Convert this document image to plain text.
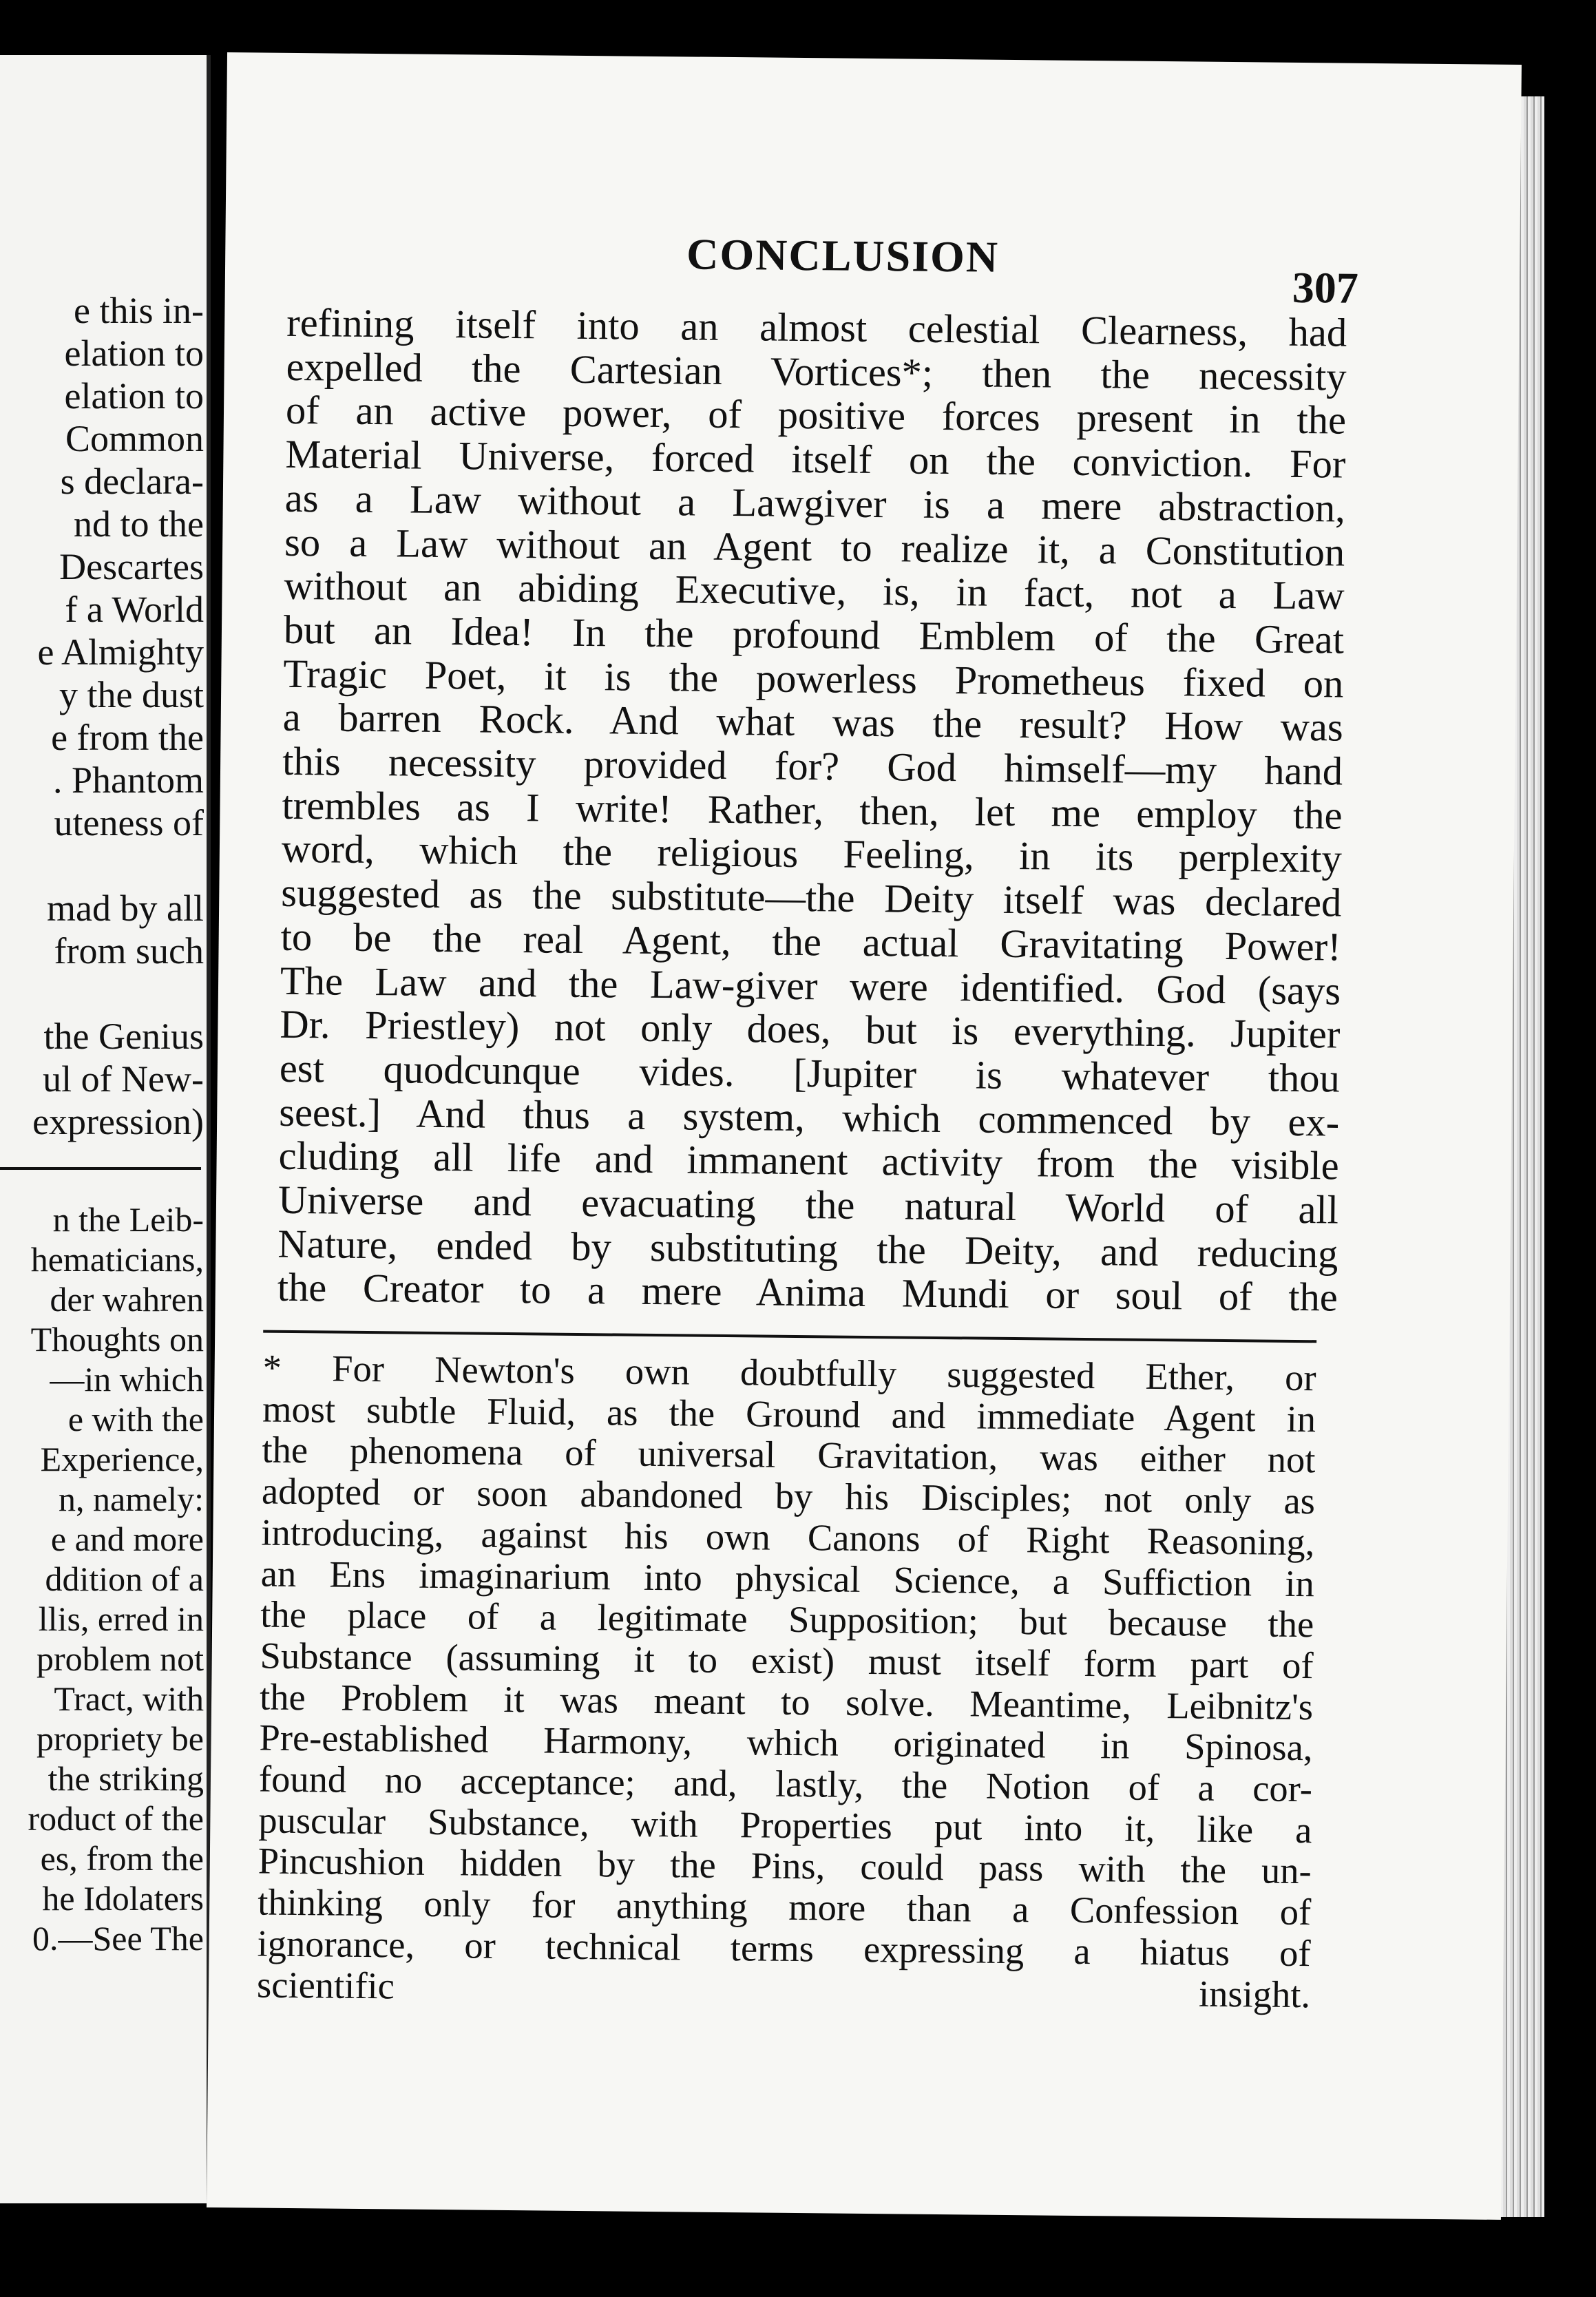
e this in-
elation to
elation to
Common
s declara-
nd to the
Descartes
f a World
e Almighty
y the dust
e from the
. Phantom
uteness of
mad by all
from such
the Genius
ul of New-
expression)
n the Leib-
hematicians,
der wahren
Thoughts on
—in which
e with the
Experience,
n, namely:
e and more
ddition of a
llis, erred in
problem not
Tract, with
propriety be
the striking
roduct of the
es, from the
he Idolaters
0.—See The
CONCLUSION
307
refining itself into an almost celestial Clearness, had
expelled the Cartesian Vortices*; then the necessity
of an active power, of positive forces present in the
Material Universe, forced itself on the conviction. For
as a Law without a Lawgiver is a mere abstraction,
so a Law without an Agent to realize it, a Constitution
without an abiding Executive, is, in fact, not a Law
but an Idea! In the profound Emblem of the Great
Tragic Poet, it is the powerless Prometheus fixed on
a barren Rock. And what was the result? How was
this necessity provided for? God himself—my hand
trembles as I write! Rather, then, let me employ the
word, which the religious Feeling, in its perplexity
suggested as the substitute—the Deity itself was declared
to be the real Agent, the actual Gravitating Power!
The Law and the Law-giver were identified. God (says
Dr. Priestley) not only does, but is everything. Jupiter
est quodcunque vides. [Jupiter is whatever thou
seest.] And thus a system, which commenced by ex-
cluding all life and immanent activity from the visible
Universe and evacuating the natural World of all
Nature, ended by substituting the Deity, and reducing
the Creator to a mere Anima Mundi or soul of the
* For Newton's own doubtfully suggested Ether, or
most subtle Fluid, as the Ground and immediate Agent in
the phenomena of universal Gravitation, was either not
adopted or soon abandoned by his Disciples; not only as
introducing, against his own Canons of Right Reasoning,
an Ens imaginarium into physical Science, a Suffiction in
the place of a legitimate Supposition; but because the
Substance (assuming it to exist) must itself form part of
the Problem it was meant to solve. Meantime, Leibnitz's
Pre-established Harmony, which originated in Spinosa,
found no acceptance; and, lastly, the Notion of a cor-
puscular Substance, with Properties put into it, like a
Pincushion hidden by the Pins, could pass with the un-
thinking only for anything more than a Confession of
ignorance, or technical terms expressing a hiatus of
scientific insight.
